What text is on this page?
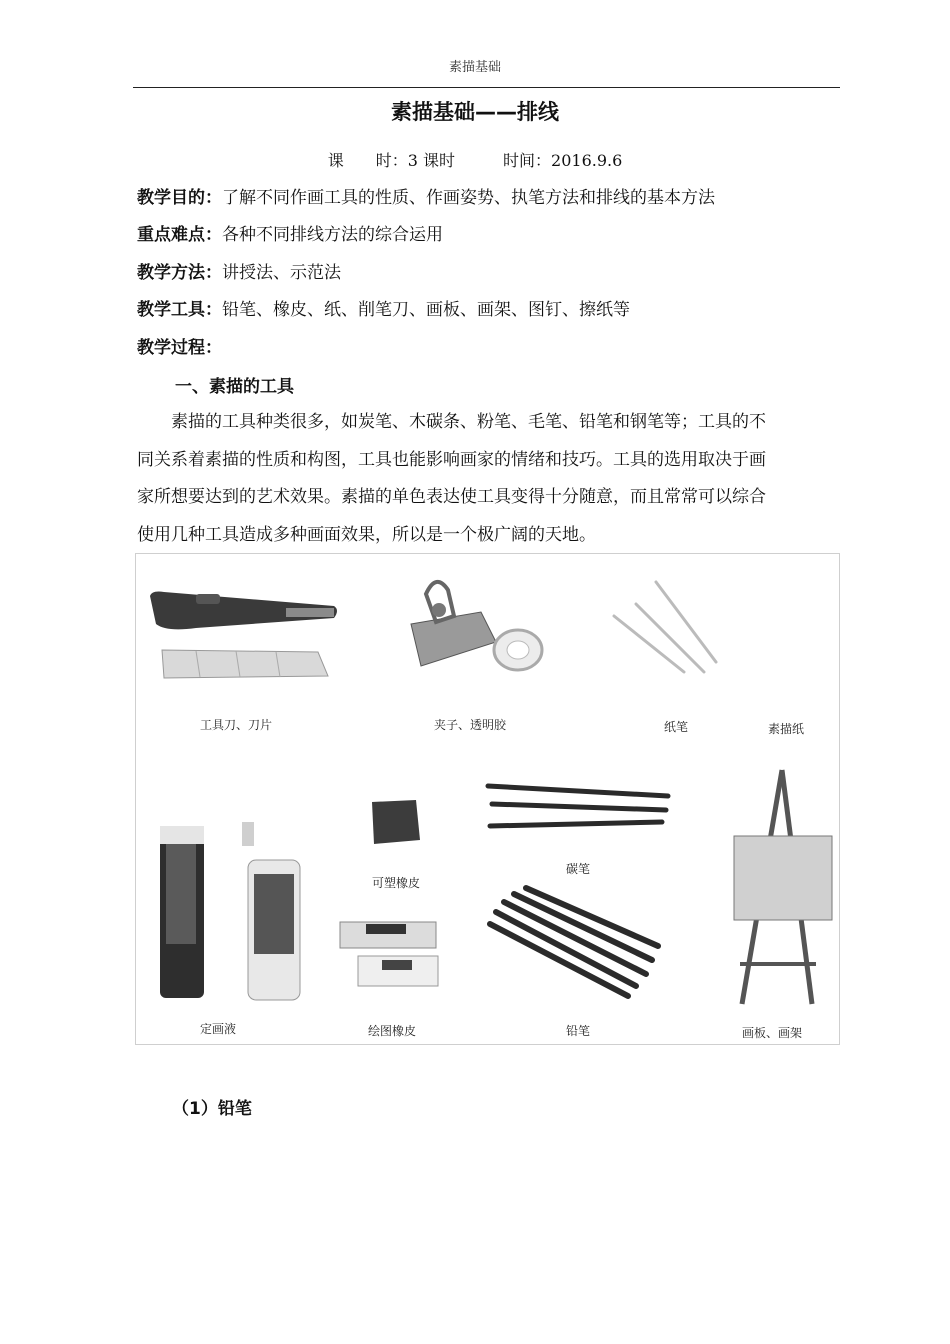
素描基础
素描基础——排线
课　　时：3 课时　　　	时间：2016.9.6
教学目的：了解不同作画工具的性质、作画姿势、执笔方法和排线的基本方法
重点难点：各种不同排线方法的综合运用
教学方法：讲授法、示范法
教学工具：铅笔、橡皮、纸、削笔刀、画板、画架、图钉、擦纸等
教学过程：
一、素描的工具
　　素描的工具种类很多，如炭笔、木碳条、粉笔、毛笔、铅笔和钢笔等；工具的不
同关系着素描的性质和构图，工具也能影响画家的情绪和技巧。工具的选用取决于画
家所想要达到的艺术效果。素描的单色表达使工具变得十分随意，而且常常可以综合
使用几种工具造成多种画面效果，所以是一个极广阔的天地。
工具刀、刀片	夹子、透明胶	纸笔	素描纸
碳笔
可塑橡皮
定画液	绘图橡皮	铅笔	画板、画架
（1）铅笔
